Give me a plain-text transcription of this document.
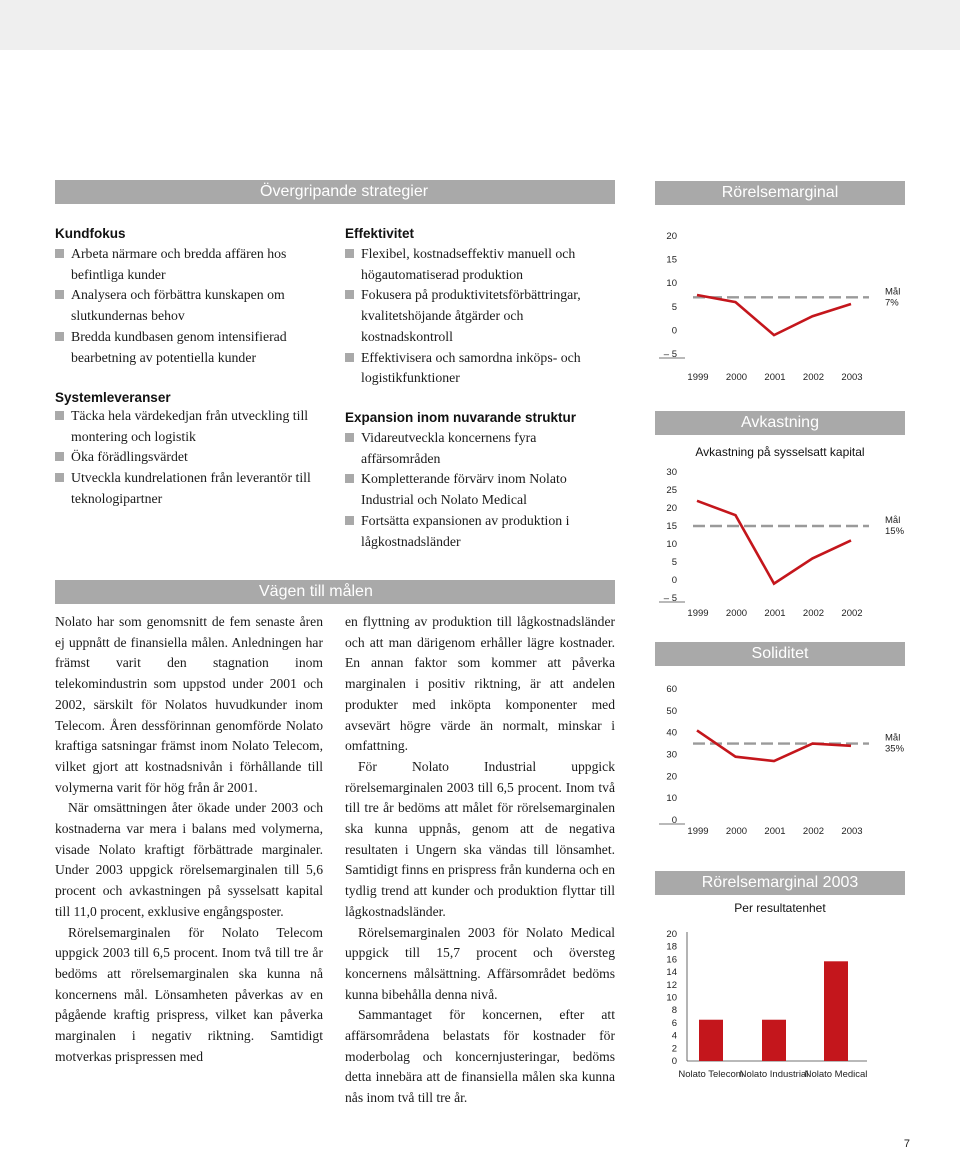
Övergripande strategier
Vägen till målen
Kundfokus
Arbeta närmare och bredda affären hos befintliga kunder
Analysera och förbättra kunskapen om slutkundernas behov
Bredda kundbasen genom intensifierad bearbetning av potentiella kunder
Systemleveranser
Täcka hela värdekedjan från utveckling till montering och logistik
Öka förädlingsvärdet
Utveckla kundrelationen från leverantör till teknologipartner
Effektivitet
Flexibel, kostnadseffektiv manuell och högautomatiserad produktion
Fokusera på produktivitetsförbättringar, kvalitetshöjande åtgärder och kostnadskontroll
Effektivisera och samordna inköps- och logistikfunktioner
Expansion inom nuvarande struktur
Vidareutveckla koncernens fyra affärsområden
Kompletterande förvärv inom Nolato Industrial och Nolato Medical
Fortsätta expansionen av produktion i lågkostnadsländer

Nolato har som genomsnitt de fem senaste åren ej uppnått de finansiella målen. Anledningen har främst varit den stagnation inom telekomindustrin som uppstod under 2001 och 2002, särskilt för Nolatos huvudkunder inom Telecom. Åren dessförinnan genomförde Nolato kraftiga satsningar främst inom Nolato Telecom, vilket gjort att kostnadsnivån i förhållande till volymerna varit för hög från år 2001.

När omsättningen åter ökade under 2003 och kostnaderna var mera i balans med volymerna, visade Nolato kraftigt förbättrade marginaler. Under 2003 uppgick rörelsemarginalen till 5,6 procent och avkastningen på sysselsatt kapital till 11,0 procent, exklusive engångsposter.

Rörelsemarginalen för Nolato Telecom uppgick 2003 till 6,5 procent. Inom två till tre år bedöms att rörelsemarginalen ska kunna nå koncernens mål. Lönsamheten påverkas av en pågående kraftig prispress, vilket kan påverka marginalen i negativ riktning. Samtidigt motverkas prispressen med

en flyttning av produktion till lågkostnadsländer och att man därigenom erhåller lägre kostnader. En annan faktor som kommer att påverka marginalen i positiv riktning, är att andelen produkter med inköpta komponenter med avsevärt högre värde än normalt, minskar i omfattning.

För Nolato Industrial uppgick rörelsemarginalen 2003 till 6,5 procent. Inom två till tre år bedöms att målet för rörelsemarginalen ska kunna uppnås, genom att de negativa resultaten i Ungern ska vändas till lönsamhet. Samtidigt finns en prispress från kunderna och en tydlig trend att kunder och produktion flyttar till lågkostnadsländer.

Rörelsemarginalen 2003 för Nolato Medical uppgick till 15,7 procent och översteg koncernens målsättning. Affärsområdet bedöms kunna bibehålla denna nivå.

Sammantaget för koncernen, efter att affärsområdena belastats för kostnader för moderbolag och koncernjusteringar, bedöms detta innebära att de finansiella målen ska kunna nås inom två till tre år.

Rörelsemarginal
20
15
10
5
0
– 5
Mål
7%
1999 2000 2001 2002 2003
Avkastning
Avkastning på sysselsatt kapital
30
25
20
15
10
5
0
– 5
Mål
15%
1999 2000 2001 2002 2002
Soliditet
60
50
40
30
20
10
0
Mål
35%
1999 2000 2001 2002 2003
Rörelsemarginal 2003
Per resultatenhet
20
18
16
14
12
10
8
6
4
2
0
Nolato Telecom
Nolato Industrial
Nolato Medical
7
